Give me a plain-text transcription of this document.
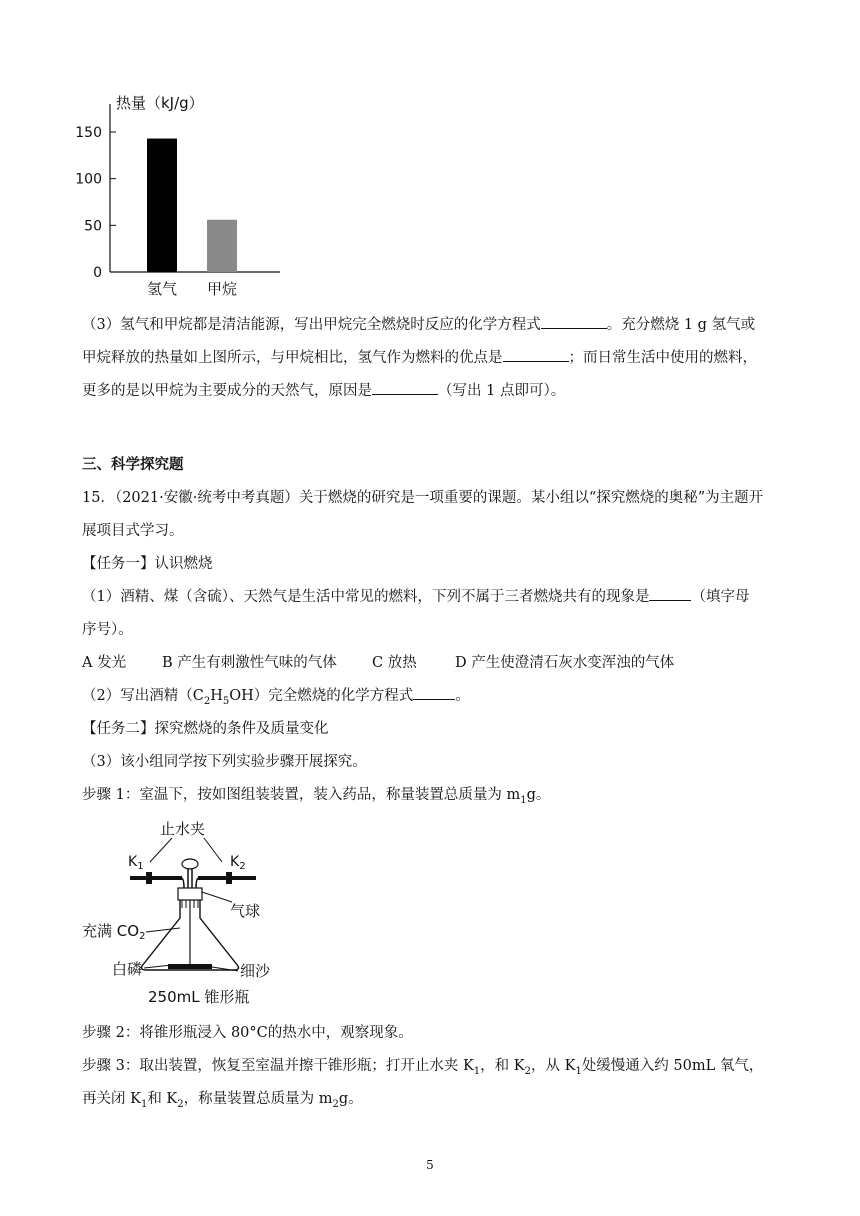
热量（kJ/g）
150
100
50
0
氢气 甲烷
（3）氢气和甲烷都是清洁能源，写出甲烷完全燃烧时反应的化学方程式	。充分燃烧 1 g 氢气或
甲烷释放的热量如上图所示，与甲烷相比，氢气作为燃料的优点是	；而日常生活中使用的燃料，
更多的是以甲烷为主要成分的天然气，原因是	（写出 1 点即可）。
三、科学探究题
15．（2021·安徽·统考中考真题）关于燃烧的研究是一项重要的课题。某小组以“探究燃烧的奥秘”为主题开
展项目式学习。
【任务一】认识燃烧
（1）酒精、煤（含硫）、天然气是生活中常见的燃料，下列不属于三者燃烧共有的现象是	（填字母
序号）。
A 发光 B 产生有刺激性气味的气体 C 放热	D 产生使澄清石灰水变浑浊的气体
（2）写出酒精$(C_2H_5OH)$完全燃烧的化学方程式	。
【任务二】探究燃烧的条件及质量变化
（3）该小组同学按下列实验步骤开展探究。
步骤 1：室温下，按如图组装装置，装入药品，称量装置总质量为 $m_1g$。
止水夹
$K_1$	$K_2$
气球
充满 $CO_2$
白磷	细沙
250mL 锥形瓶
步骤 2：将锥形瓶浸入 80°C的热水中，观察现象。
步骤 3：取出装置，恢复至室温并擦干锥形瓶；打开止水夹 $K_1$，和 $K_2$，从 $K_1$处缓慢通入约 50mL 氧气，
再关闭 $K_1$和 $K_2$，称量装置总质量为 $m_2g$。
5
